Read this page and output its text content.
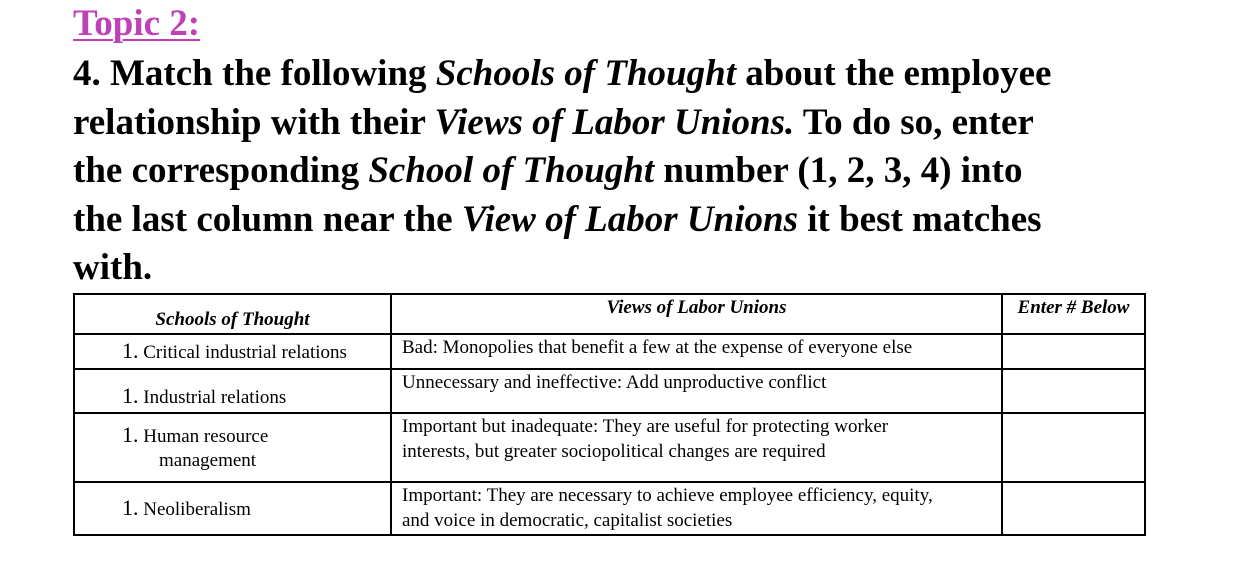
Topic 2:
4. Match the following Schools of Thought about the employee
relationship with their Views of Labor Unions. To do so, enter
the corresponding School of Thought number (1, 2, 3, 4) into
the last column near the View of Labor Unions it best matches
with.
Schools of Thought	Views of Labor Unions	Enter # Below
1. Critical industrial relations	Bad: Monopolies that benefit a few at the expense of everyone else	
1. Industrial relations	Unnecessary and ineffective: Add unproductive conflict	
1. Human resource
management	Important but inadequate: They are useful for protecting worker
interests, but greater sociopolitical changes are required	
1. Neoliberalism	Important: They are necessary to achieve employee efficiency, equity,
and voice in democratic, capitalist societies	
